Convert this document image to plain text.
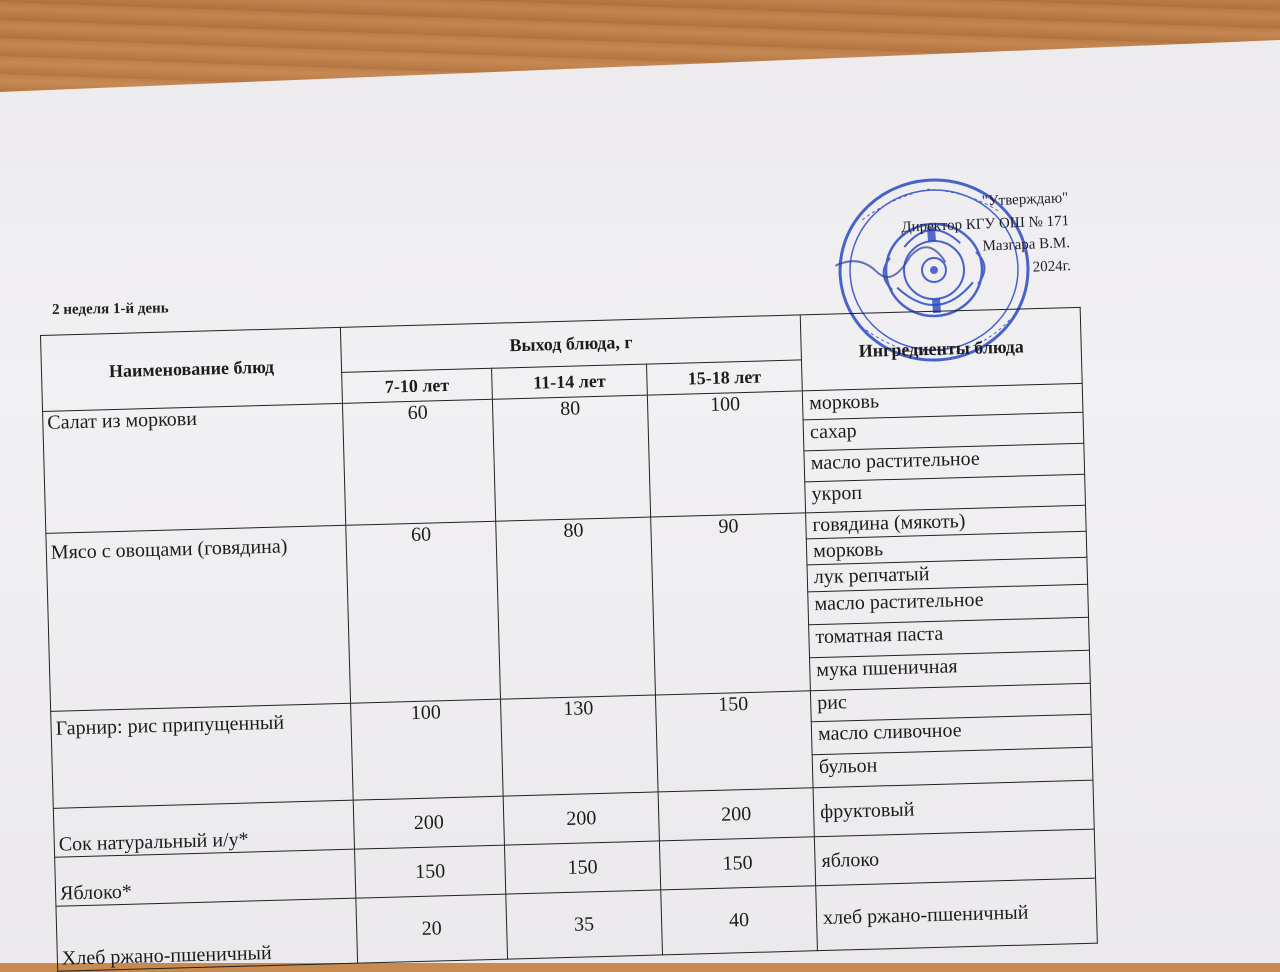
"Утверждаю"
Директор КГУ ОШ № 171
Мазгара В.М.
2024г.
2 неделя 1-й день
Наименование блюд	Выход блюда, г			Ингредиенты блюда
	7-10 лет	11-14 лет	15-18 лет	
Салат из моркови	60	80	100	морковь
				сахар
				масло растительное
				укроп
Мясо с овощами (говядина)	60	80	90	говядина (мякоть)
				морковь
				лук репчатый
				масло растительное
				томатная паста
				мука пшеничная
Гарнир: рис припущенный	100	130	150	рис
				масло сливочное
				бульон
Сок натуральный и/у*	200	200	200	фруктовый
Яблоко*	150	150	150	яблоко
Хлеб ржано-пшеничный	20	35	40	хлеб ржано-пшеничный
